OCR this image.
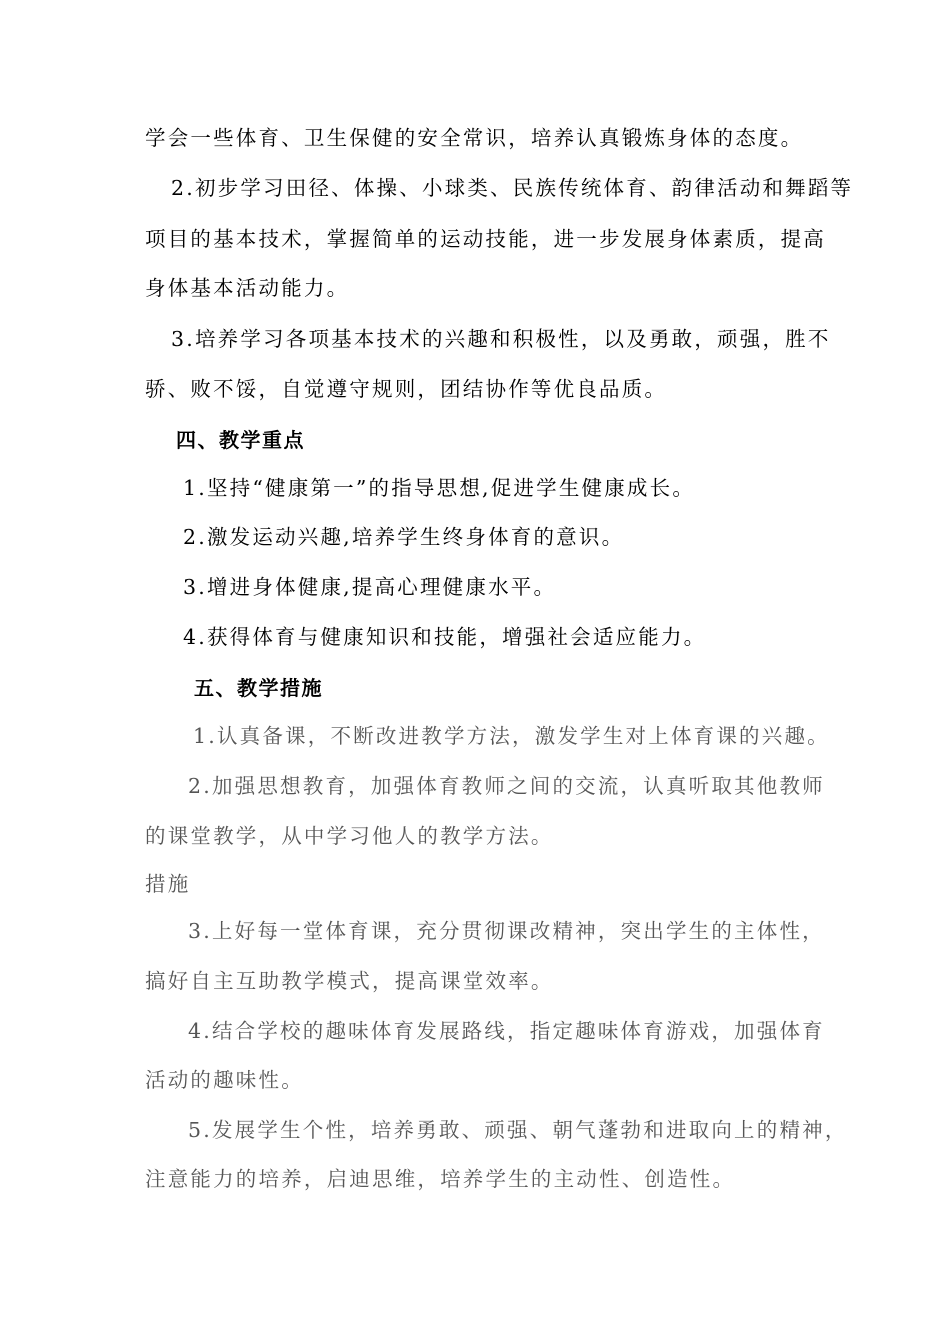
学会一些体育、卫生保健的安全常识，培养认真锻炼身体的态度。
2.初步学习田径、体操、小球类、民族传统体育、韵律活动和舞蹈等
项目的基本技术，掌握简单的运动技能，进一步发展身体素质，提高
身体基本活动能力。
3.培养学习各项基本技术的兴趣和积极性，以及勇敢，顽强，胜不
骄、败不馁，自觉遵守规则，团结协作等优良品质。
四、教学重点
1.坚持“健康第一”的指导思想,促进学生健康成长。
2.激发运动兴趣,培养学生终身体育的意识。
3.增进身体健康,提高心理健康水平。
4.获得体育与健康知识和技能，增强社会适应能力。
五、教学措施
1.认真备课，不断改进教学方法，激发学生对上体育课的兴趣。
2.加强思想教育，加强体育教师之间的交流，认真听取其他教师
的课堂教学，从中学习他人的教学方法。
措施
3.上好每一堂体育课，充分贯彻课改精神，突出学生的主体性，
搞好自主互助教学模式，提高课堂效率。
4.结合学校的趣味体育发展路线，指定趣味体育游戏，加强体育
活动的趣味性。
5.发展学生个性，培养勇敢、顽强、朝气蓬勃和进取向上的精神，
注意能力的培养，启迪思维，培养学生的主动性、创造性。
